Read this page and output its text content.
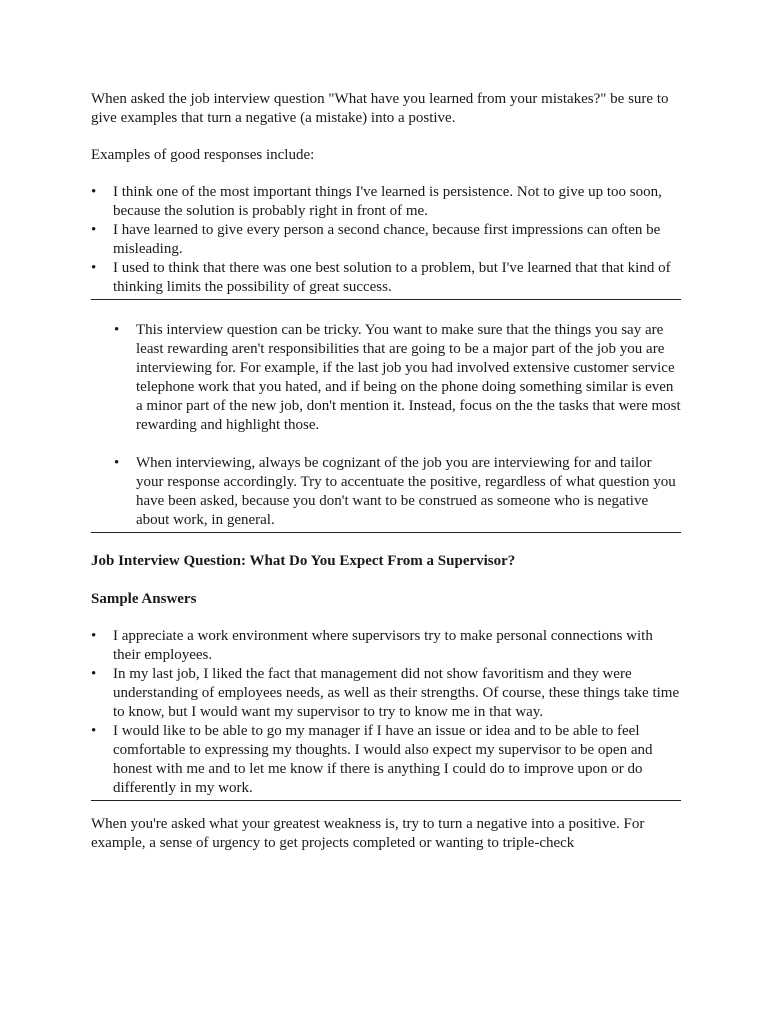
When asked the job interview question "What have you learned from your mistakes?" be sure to give examples that turn a negative (a mistake) into a postive.

Examples of good responses include:

• I think one of the most important things I've learned is persistence. Not to give up too soon, because the solution is probably right in front of me.
• I have learned to give every person a second chance, because first impressions can often be misleading.
• I used to think that there was one best solution to a problem, but I've learned that that kind of thinking limits the possibility of great success.
• This interview question can be tricky. You want to make sure that the things you say are least rewarding aren't responsibilities that are going to be a major part of the job you are interviewing for. For example, if the last job you had involved extensive customer service telephone work that you hated, and if being on the phone doing something similar is even a minor part of the new job, don't mention it. Instead, focus on the the tasks that were most rewarding and highlight those.
• When interviewing, always be cognizant of the job you are interviewing for and tailor your response accordingly. Try to accentuate the positive, regardless of what question you have been asked, because you don't want to be construed as someone who is negative about work, in general.

Job Interview Question: What Do You Expect From a Supervisor?

Sample Answers

• I appreciate a work environment where supervisors try to make personal connections with their employees.
• In my last job, I liked the fact that management did not show favoritism and they were understanding of employees needs, as well as their strengths. Of course, these things take time to know, but I would want my supervisor to try to know me in that way.
• I would like to be able to go my manager if I have an issue or idea and to be able to feel comfortable to expressing my thoughts. I would also expect my supervisor to be open and honest with me and to let me know if there is anything I could do to improve upon or do differently in my work.

When you're asked what your greatest weakness is, try to turn a negative into a positive. For example, a sense of urgency to get projects completed or wanting to triple-check
